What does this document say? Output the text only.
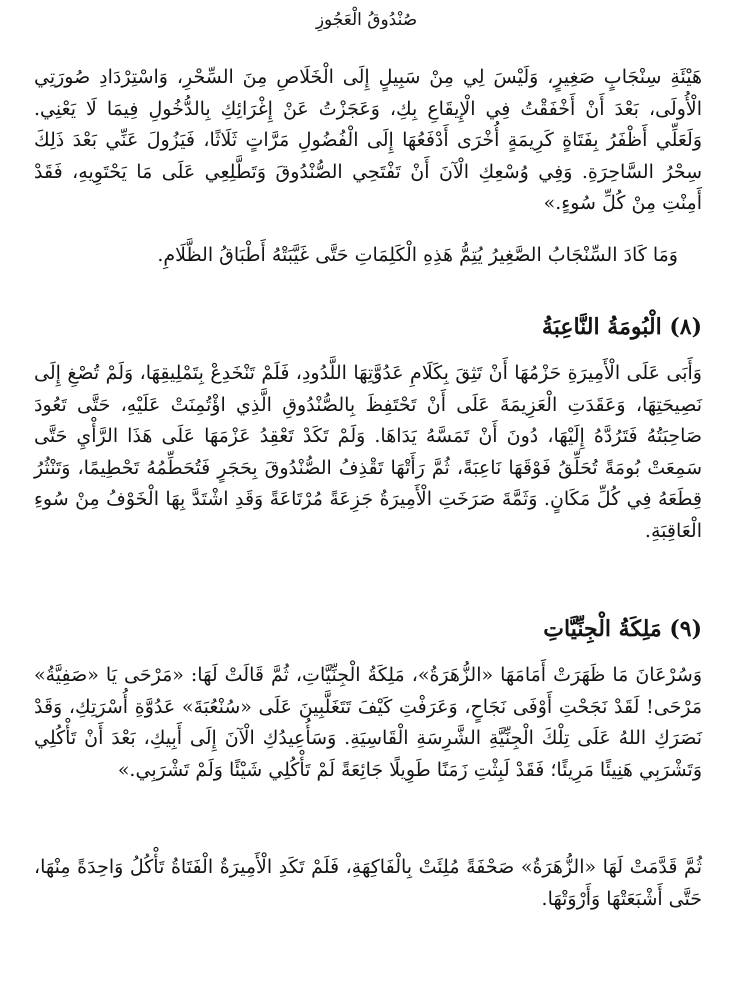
صُنْدُوقُ الْعَجُوزِ

هَيْئَةِ سِنْجَابٍ صَغِيرٍ، وَلَيْسَ لِي مِنْ سَبِيلٍ إِلَى الْخَلَاصِ مِنَ السِّحْرِ، وَاسْتِرْدَادِ صُورَتِي الْأُولَى، بَعْدَ أَنْ أَخْفَقْتُ فِي الْإِيقَاعِ بِكِ، وَعَجَزْتُ عَنْ إِغْرَائِكِ بِالدُّخُولِ فِيمَا لَا يَعْنِي. وَلَعَلِّي أَظْفَرُ بِفَتَاةٍ كَرِيمَةٍ أُخْرَى أَدْفَعُهَا إِلَى الْفُضُولِ مَرَّاتٍ ثَلَاثًا، فَيَزُولَ عَنِّي بَعْدَ ذَلِكَ سِحْرُ السَّاحِرَةِ. وَفِي وُسْعِكِ الْآنَ أَنْ تَفْتَحِي الصُّنْدُوقَ وَتَطَّلِعِي عَلَى مَا يَحْتَوِيهِ، فَقَدْ أَمِنْتِ مِنْ كُلِّ سُوءٍ.»

وَمَا كَادَ السِّنْجَابُ الصَّغِيرُ يُتِمُّ هَذِهِ الْكَلِمَاتِ حَتَّى غَيَّبَتْهُ أَطْبَاقُ الظَّلَامِ.

(٨) الْبُومَةُ النَّاعِبَةُ

وَأَبَى عَلَى الْأَمِيرَةِ حَزْمُهَا أَنْ تَثِقَ بِكَلَامِ عَدُوَّتِهَا اللَّدُودِ، فَلَمْ تَنْخَدِعْ بِتَمْلِيقِهَا، وَلَمْ تُصْغِ إِلَى نَصِيحَتِهَا، وَعَقَدَتِ الْعَزِيمَةَ عَلَى أَنْ تَحْتَفِظَ بِالصُّنْدُوقِ الَّذِي اؤْتُمِنَتْ عَلَيْهِ، حَتَّى تَعُودَ صَاحِبَتُهُ فَتَرُدَّهُ إِلَيْهَا، دُونَ أَنْ تَمَسَّهُ يَدَاهَا. وَلَمْ تَكَدْ تَعْقِدُ عَزْمَهَا عَلَى هَذَا الرَّأْيِ حَتَّى سَمِعَتْ بُومَةً تُحَلِّقُ فَوْقَهَا نَاعِبَةً، ثُمَّ رَأَتْهَا تَقْذِفُ الصُّنْدُوقَ بِحَجَرٍ فَتُحَطِّمُهُ تَحْطِيمًا، وَتَنْثُرُ قِطَعَهُ فِي كُلِّ مَكَانٍ. وَثَمَّةَ صَرَخَتِ الْأَمِيرَةُ جَزِعَةً مُرْتَاعَةً وَقَدِ اشْتَدَّ بِهَا الْخَوْفُ مِنْ سُوءِ الْعَاقِبَةِ.

(٩) مَلِكَةُ الْجِنِّيَّاتِ

وَسُرْعَانَ مَا ظَهَرَتْ أَمَامَهَا «الزُّهَرَةُ»، مَلِكَةُ الْجِنِّيَّاتِ، ثُمَّ قَالَتْ لَهَا: «مَرْحَى يَا «صَفِيَّةُ» مَرْحَى! لَقَدْ نَجَحْتِ أَوْفَى نَجَاحٍ، وَعَرَفْتِ كَيْفَ تَتَغَلَّبِينَ عَلَى «سُنْعُبَةَ» عَدُوَّةِ أُسْرَتِكِ، وَقَدْ نَصَرَكِ اللهُ عَلَى تِلْكَ الْجِنِّيَّةِ الشَّرِسَةِ الْقَاسِيَةِ. وَسَأُعِيدُكِ الْآنَ إِلَى أَبِيكِ، بَعْدَ أَنْ تَأْكُلِي وَتَشْرَبِي هَنِيئًا مَرِيئًا؛ فَقَدْ لَبِثْتِ زَمَنًا طَوِيلًا جَائِعَةً لَمْ تَأْكُلِي شَيْئًا وَلَمْ تَشْرَبِي.»

ثُمَّ قَدَّمَتْ لَهَا «الزُّهَرَةُ» صَحْفَةً مُلِئَتْ بِالْفَاكِهَةِ، فَلَمْ تَكَدِ الْأَمِيرَةُ الْفَتَاةُ تَأْكُلُ وَاحِدَةً مِنْهَا، حَتَّى أَشْبَعَتْهَا وَأَرْوَتْهَا.
